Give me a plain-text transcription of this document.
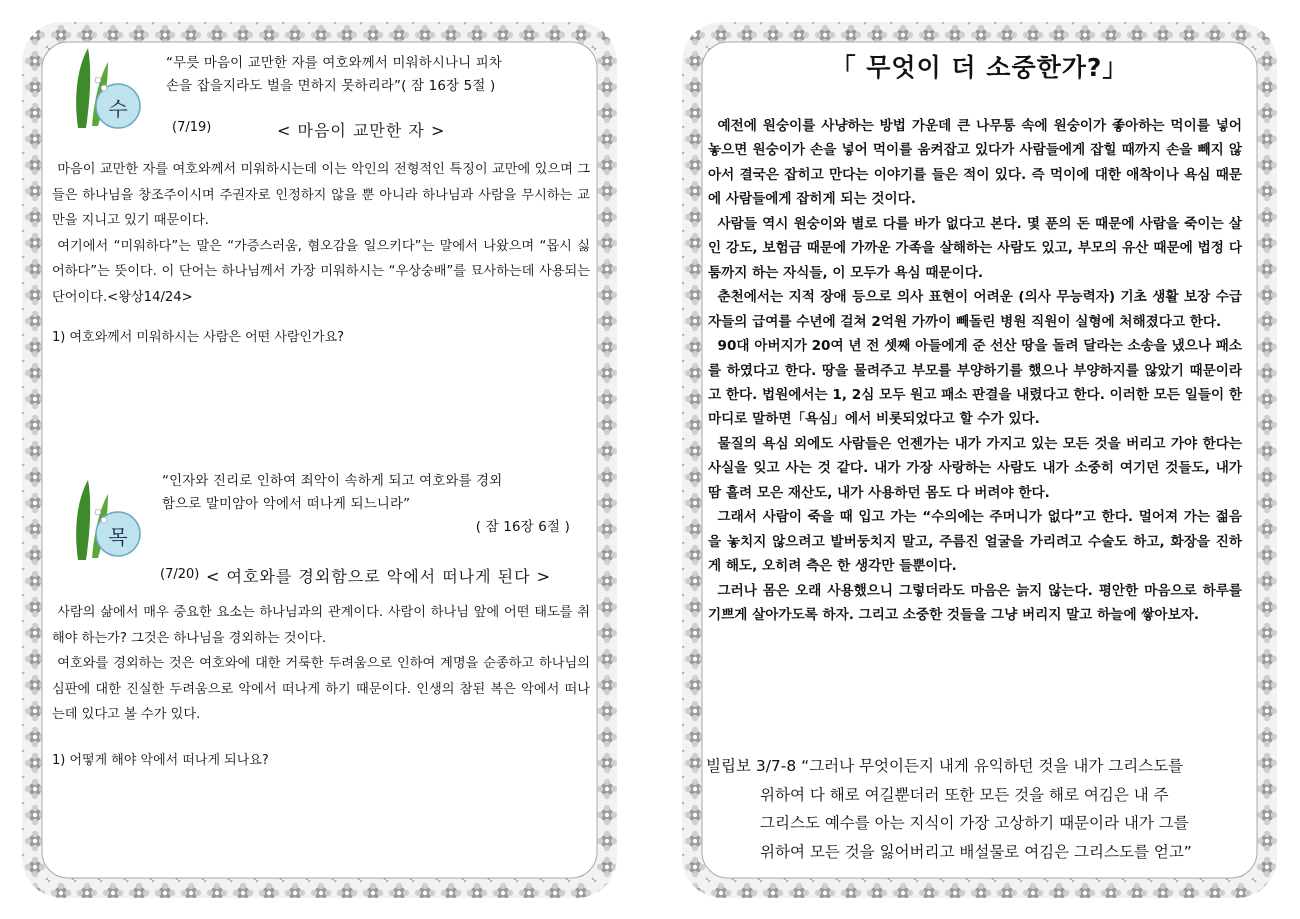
수
“무릇 마음이 교만한 자를 여호와께서 미워하시나니 피차
손을 잡을지라도 벌을 면하지 못하리라”( 잠 16장 5절 )
(7/19)	< 마음이 교만한 자 >

마음이 교만한 자를 여호와께서 미워하시는데 이는 악인의 전형적인 특징이 교만에 있으며 그들은 하나님을 창조주이시며 주권자로 인정하지 않을 뿐 아니라 하나님과 사람을 무시하는 교만을 지니고 있기 때문이다.

여기에서 “미워하다”는 말은 “가증스러움, 혐오감을 일으키다”는 말에서 나왔으며 “몹시 싫어하다”는 뜻이다. 이 단어는 하나님께서 가장 미워하시는 “우상숭배”를 묘사하는데 사용되는 단어이다.<왕상14/24>

1) 여호와께서 미워하시는 사람은 어떤 사람인가요?
목
“인자와 진리로 인하여 죄악이 속하게 되고 여호와를 경외
함으로 말미암아 악에서 떠나게 되느니라”
( 잠 16장 6절 )
(7/20) < 여호와를 경외함으로 악에서 떠나게 된다 >

사람의 삶에서 매우 중요한 요소는 하나님과의 관계이다. 사람이 하나님 앞에 어떤 태도를 취해야 하는가? 그것은 하나님을 경외하는 것이다.

여호와를 경외하는 것은 여호와에 대한 거룩한 두려움으로 인하여 계명을 순종하고 하나님의 심판에 대한 진실한 두려움으로 악에서 떠나게 하기 때문이다. 인생의 참된 복은 악에서 떠나는데 있다고 볼 수가 있다.

1) 어떻게 해야 악에서 떠나게 되나요?
「 무엇이 더 소중한가?」

예전에 원숭이를 사냥하는 방법 가운데 큰 나무통 속에 원숭이가 좋아하는 먹이를 넣어 놓으면 원숭이가 손을 넣어 먹이를 움켜잡고 있다가 사람들에게 잡힐 때까지 손을 빼지 않아서 결국은 잡히고 만다는 이야기를 들은 적이 있다. 즉 먹이에 대한 애착이나 욕심 때문에 사람들에게 잡히게 되는 것이다.

사람들 역시 원숭이와 별로 다를 바가 없다고 본다. 몇 푼의 돈 때문에 사람을 죽이는 살인 강도, 보험금 때문에 가까운 가족을 살해하는 사람도 있고, 부모의 유산 때문에 법정 다툼까지 하는 자식들, 이 모두가 욕심 때문이다.

춘천에서는 지적 장애 등으로 의사 표현이 어려운 (의사 무능력자) 기초 생활 보장 수급자들의 급여를 수년에 걸쳐 2억원 가까이 빼돌린 병원 직원이 실형에 처해졌다고 한다.

90대 아버지가 20여 년 전 셋째 아들에게 준 선산 땅을 돌려 달라는 소송을 냈으나 패소를 하였다고 한다. 땅을 물려주고 부모를 부양하기를 했으나 부양하지를 않았기 때문이라고 한다. 법원에서는 1, 2심 모두 원고 패소 판결을 내렸다고 한다. 이러한 모든 일들이 한마디로 말하면「욕심」에서 비롯되었다고 할 수가 있다.

물질의 욕심 외에도 사람들은 언젠가는 내가 가지고 있는 모든 것을 버리고 가야 한다는 사실을 잊고 사는 것 같다. 내가 가장 사랑하는 사람도 내가 소중히 여기던 것들도, 내가 땀 흘려 모은 재산도, 내가 사용하던 몸도 다 버려야 한다.

그래서 사람이 죽을 때 입고 가는 “수의에는 주머니가 없다”고 한다. 멀어져 가는 젊음을 놓치지 않으려고 발버둥치지 말고, 주름진 얼굴을 가리려고 수술도 하고, 화장을 진하게 해도, 오히려 측은 한 생각만 들뿐이다.

그러나 몸은 오래 사용했으니 그렇더라도 마음은 늙지 않는다. 평안한 마음으로 하루를 기쁘게 살아가도록 하자. 그리고 소중한 것들을 그냥 버리지 말고 하늘에 쌓아보자.

빌립보 3/7-8 “그러나 무엇이든지 내게 유익하던 것을 내가 그리스도를
위하여 다 해로 여길뿐더러 또한 모든 것을 해로 여김은 내 주
그리스도 예수를 아는 지식이 가장 고상하기 때문이라 내가 그를
위하여 모든 것을 잃어버리고 배설물로 여김은 그리스도를 얻고”
